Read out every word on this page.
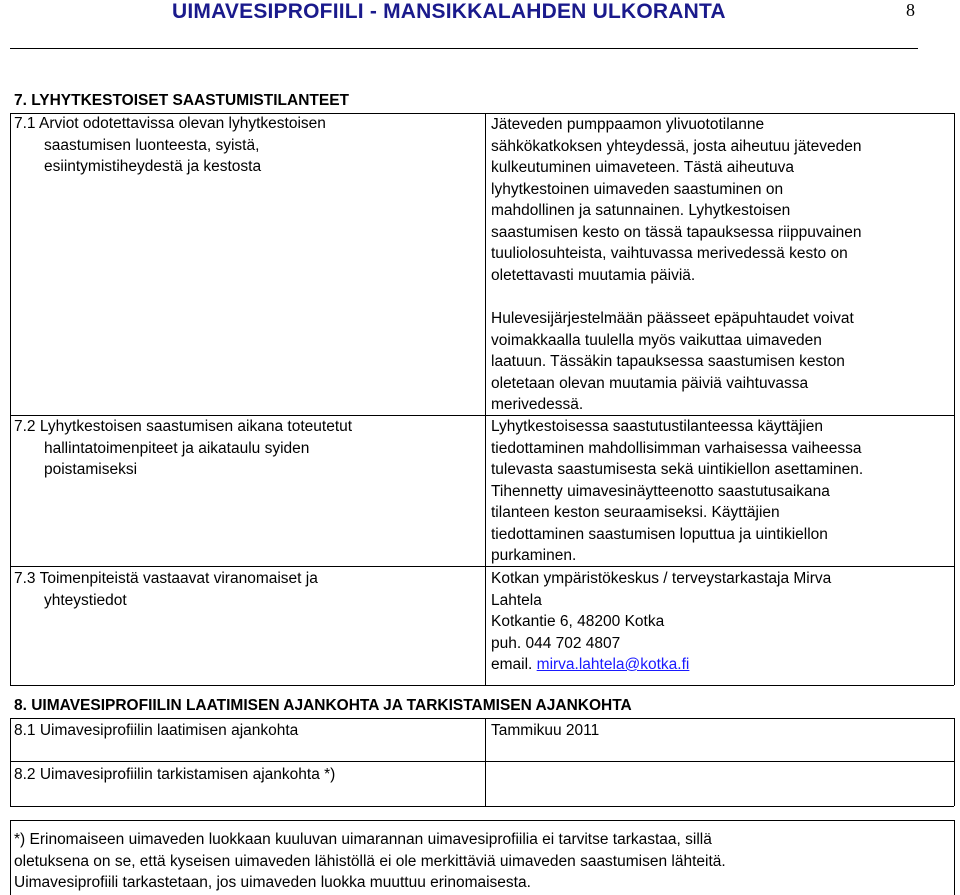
UIMAVESIPROFIILI - MANSIKKALAHDEN ULKORANTA	8
7. LYHYTKESTOISET SAASTUMISTILANTEET
7.1 Arviot odotettavissa olevan lyhytkestoisen
saastumisen luonteesta, syistä,
esiintymistiheydestä ja kestosta
Jäteveden pumppaamon ylivuototilanne
sähkökatkoksen yhteydessä, josta aiheutuu jäteveden
kulkeutuminen uimaveteen. Tästä aiheutuva
lyhytkestoinen uimaveden saastuminen on
mahdollinen ja satunnainen. Lyhytkestoisen
saastumisen kesto on tässä tapauksessa riippuvainen
tuuliolosuhteista, vaihtuvassa merivedessä kesto on
oletettavasti muutamia päiviä.
Hulevesijärjestelmään päässeet epäpuhtaudet voivat
voimakkaalla tuulella myös vaikuttaa uimaveden
laatuun. Tässäkin tapauksessa saastumisen keston
oletetaan olevan muutamia päiviä vaihtuvassa
merivedessä.
7.2 Lyhytkestoisen saastumisen aikana toteutetut
hallintatoimenpiteet ja aikataulu syiden
poistamiseksi
Lyhytkestoisessa saastutustilanteessa käyttäjien
tiedottaminen mahdollisimman varhaisessa vaiheessa
tulevasta saastumisesta sekä uintikiellon asettaminen.
Tihennetty uimavesinäytteenotto saastutusaikana
tilanteen keston seuraamiseksi. Käyttäjien
tiedottaminen saastumisen loputtua ja uintikiellon
purkaminen.
7.3 Toimenpiteistä vastaavat viranomaiset ja
yhteystiedot
Kotkan ympäristökeskus / terveystarkastaja Mirva
Lahtela
Kotkantie 6, 48200 Kotka
puh. 044 702 4807
email. mirva.lahtela@kotka.fi
8. UIMAVESIPROFIILIN LAATIMISEN AJANKOHTA JA TARKISTAMISEN AJANKOHTA
8.1 Uimavesiprofiilin laatimisen ajankohta	Tammikuu 2011
8.2 Uimavesiprofiilin tarkistamisen ajankohta *)
*) Erinomaiseen uimaveden luokkaan kuuluvan uimarannan uimavesiprofiilia ei tarvitse tarkastaa, sillä
oletuksena on se, että kyseisen uimaveden lähistöllä ei ole merkittäviä uimaveden saastumisen lähteitä.
Uimavesiprofiili tarkastetaan, jos uimaveden luokka muuttuu erinomaisesta.
